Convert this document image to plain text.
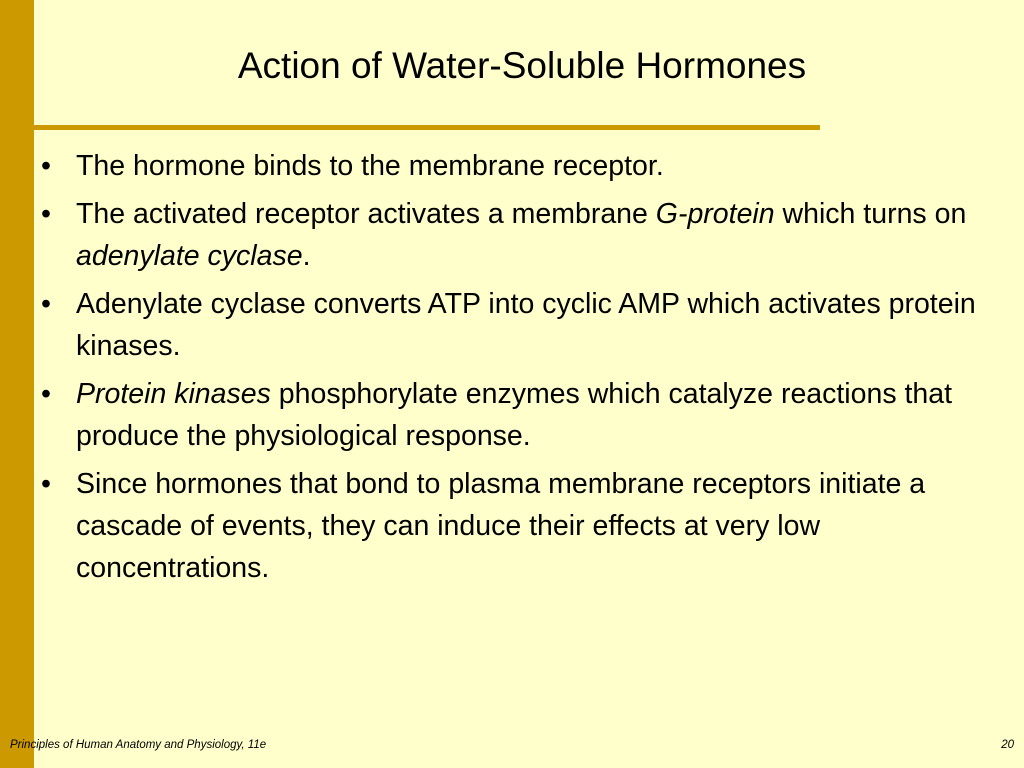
Action of Water-Soluble Hormones
• The hormone binds to the membrane receptor.
• The activated receptor activates a membrane G-protein which turns on adenylate cyclase.
• Adenylate cyclase converts ATP into cyclic AMP which activates protein kinases.
• Protein kinases phosphorylate enzymes which catalyze reactions that produce the physiological response.
• Since hormones that bond to plasma membrane receptors initiate a cascade of events, they can induce their effects at very low concentrations.
Principles of Human Anatomy and Physiology, 11e	20
